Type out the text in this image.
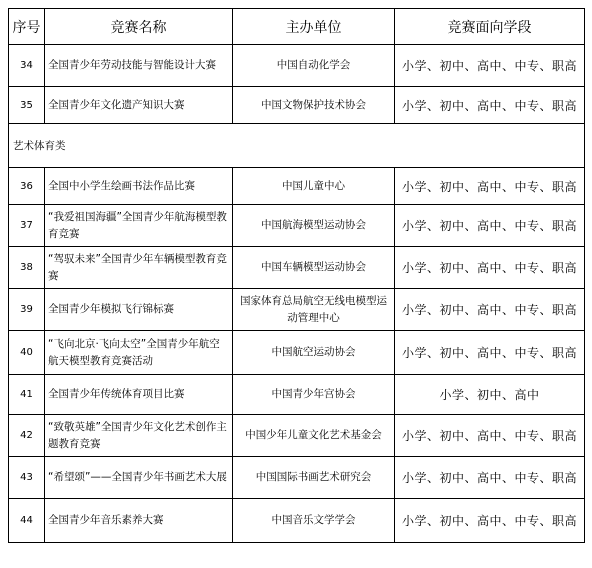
序号	竞赛名称	主办单位	竞赛面向学段
34	全国青少年劳动技能与智能设计大赛	中国自动化学会	小学、初中、高中、中专、职高
35	全国青少年文化遗产知识大赛	中国文物保护技术协会	小学、初中、高中、中专、职高
艺术体育类			
36	全国中小学生绘画书法作品比赛	中国儿童中心	小学、初中、高中、中专、职高
37	“我爱祖国海疆”全国青少年航海模型教育竞赛	中国航海模型运动协会	小学、初中、高中、中专、职高
38	“驾驭未来”全国青少年车辆模型教育竞赛	中国车辆模型运动协会	小学、初中、高中、中专、职高
39	全国青少年模拟飞行锦标赛	国家体育总局航空无线电模型运动管理中心	小学、初中、高中、中专、职高
40	“飞向北京·飞向太空”全国青少年航空航天模型教育竞赛活动	中国航空运动协会	小学、初中、高中、中专、职高
41	全国青少年传统体育项目比赛	中国青少年宫协会	小学、初中、高中
42	“致敬英雄”全国青少年文化艺术创作主题教育竞赛	中国少年儿童文化艺术基金会	小学、初中、高中、中专、职高
43	“希望颂”——全国青少年书画艺术大展	中国国际书画艺术研究会	小学、初中、高中、中专、职高
44	全国青少年音乐素养大赛	中国音乐文学学会	小学、初中、高中、中专、职高
